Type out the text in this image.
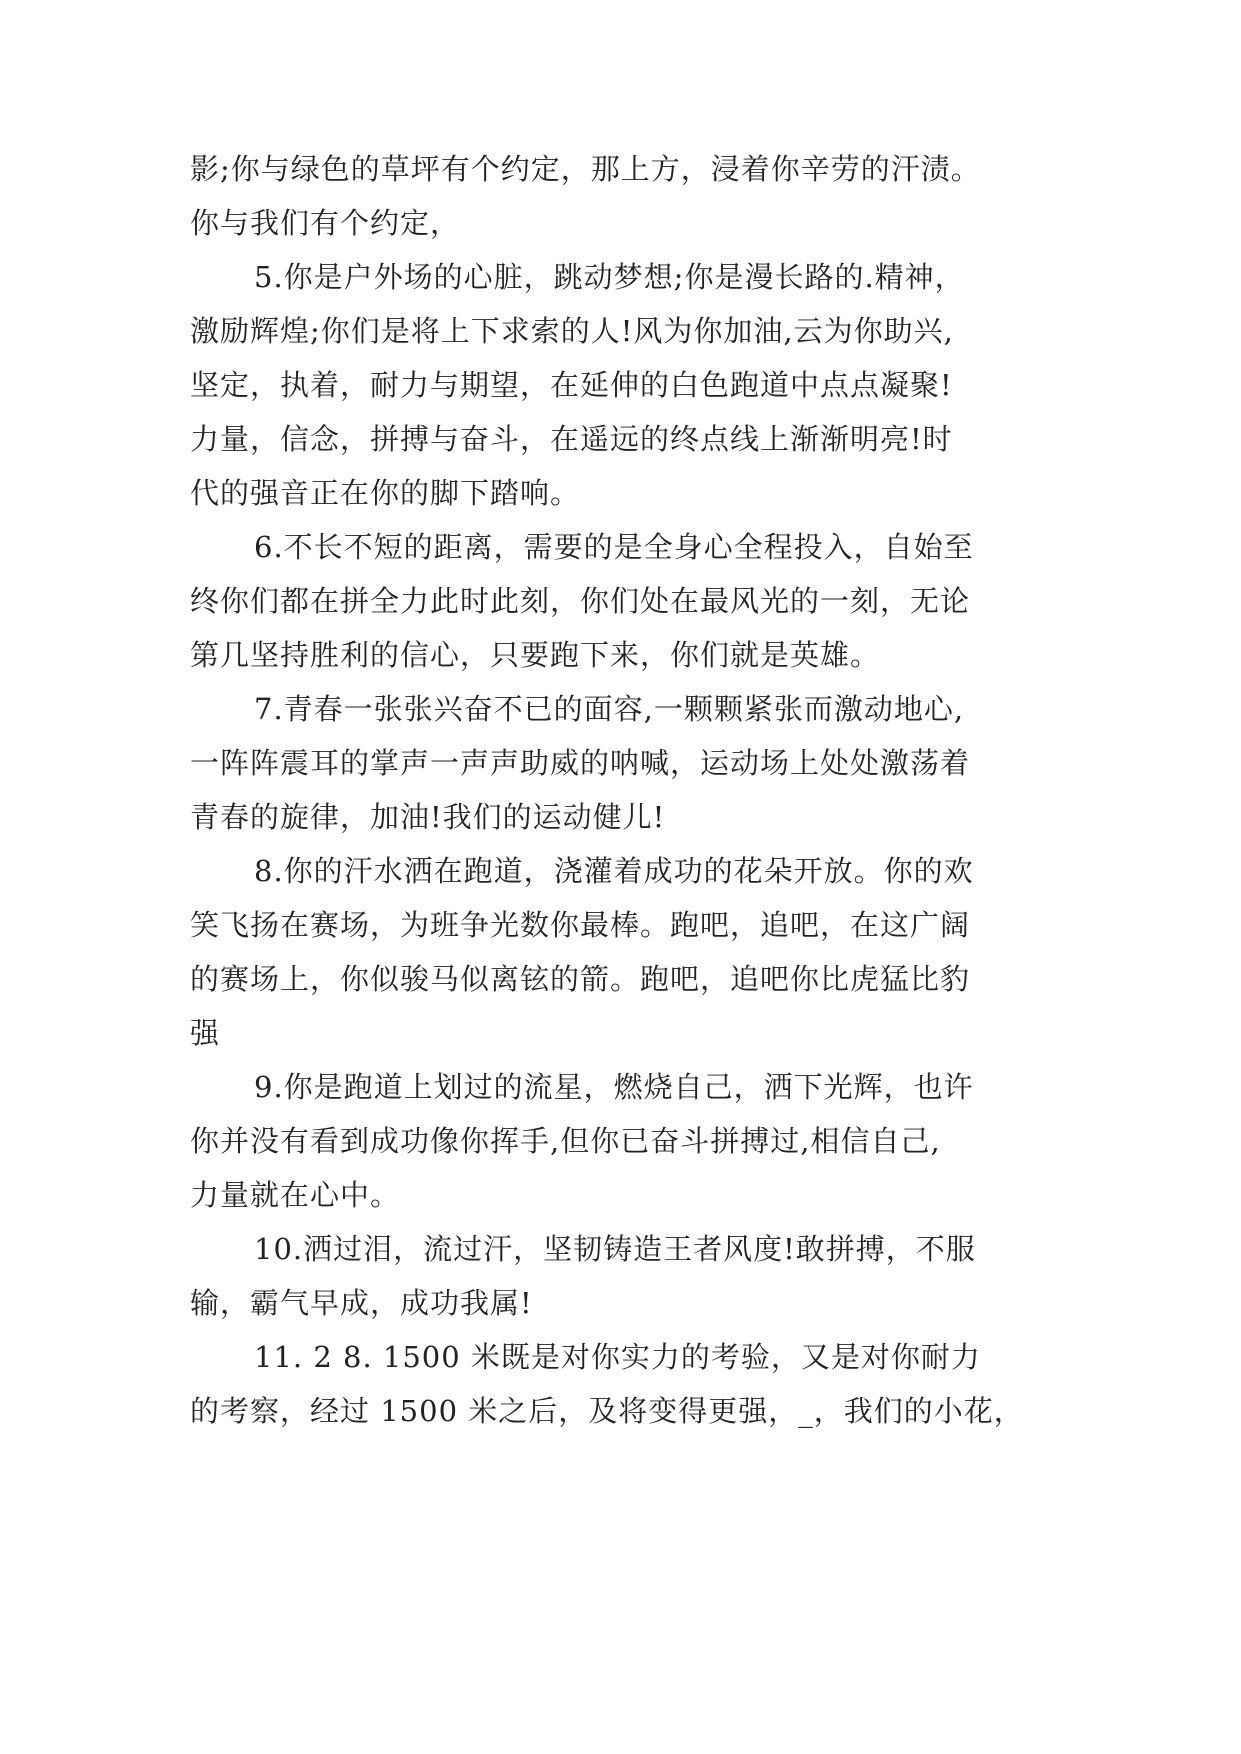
影;你与绿色的草坪有个约定，那上方，浸着你辛劳的汗渍。
你与我们有个约定，
5.你是户外场的心脏，跳动梦想;你是漫长路的.精神，
激励辉煌;你们是将上下求索的人!风为你加油,云为你助兴,
坚定，执着，耐力与期望，在延伸的白色跑道中点点凝聚!
力量，信念，拼搏与奋斗，在遥远的终点线上渐渐明亮!时
代的强音正在你的脚下踏响。
6.不长不短的距离，需要的是全身心全程投入，自始至
终你们都在拼全力此时此刻，你们处在最风光的一刻，无论
第几坚持胜利的信心，只要跑下来，你们就是英雄。
7.青春一张张兴奋不已的面容,一颗颗紧张而激动地心,
一阵阵震耳的掌声一声声助威的呐喊，运动场上处处激荡着
青春的旋律，加油!我们的运动健儿!
8.你的汗水洒在跑道，浇灌着成功的花朵开放。你的欢
笑飞扬在赛场，为班争光数你最棒。跑吧，追吧，在这广阔
的赛场上，你似骏马似离铉的箭。跑吧，追吧你比虎猛比豹
强
9.你是跑道上划过的流星，燃烧自己，洒下光辉，也许
你并没有看到成功像你挥手,但你已奋斗拼搏过,相信自己,
力量就在心中。
10.洒过泪，流过汗，坚韧铸造王者风度!敢拼搏，不服
输，霸气早成，成功我属!
11. 2 8. 1500 米既是对你实力的考验，又是对你耐力
的考察，经过 1500 米之后，及将变得更强，_，我们的小花，
